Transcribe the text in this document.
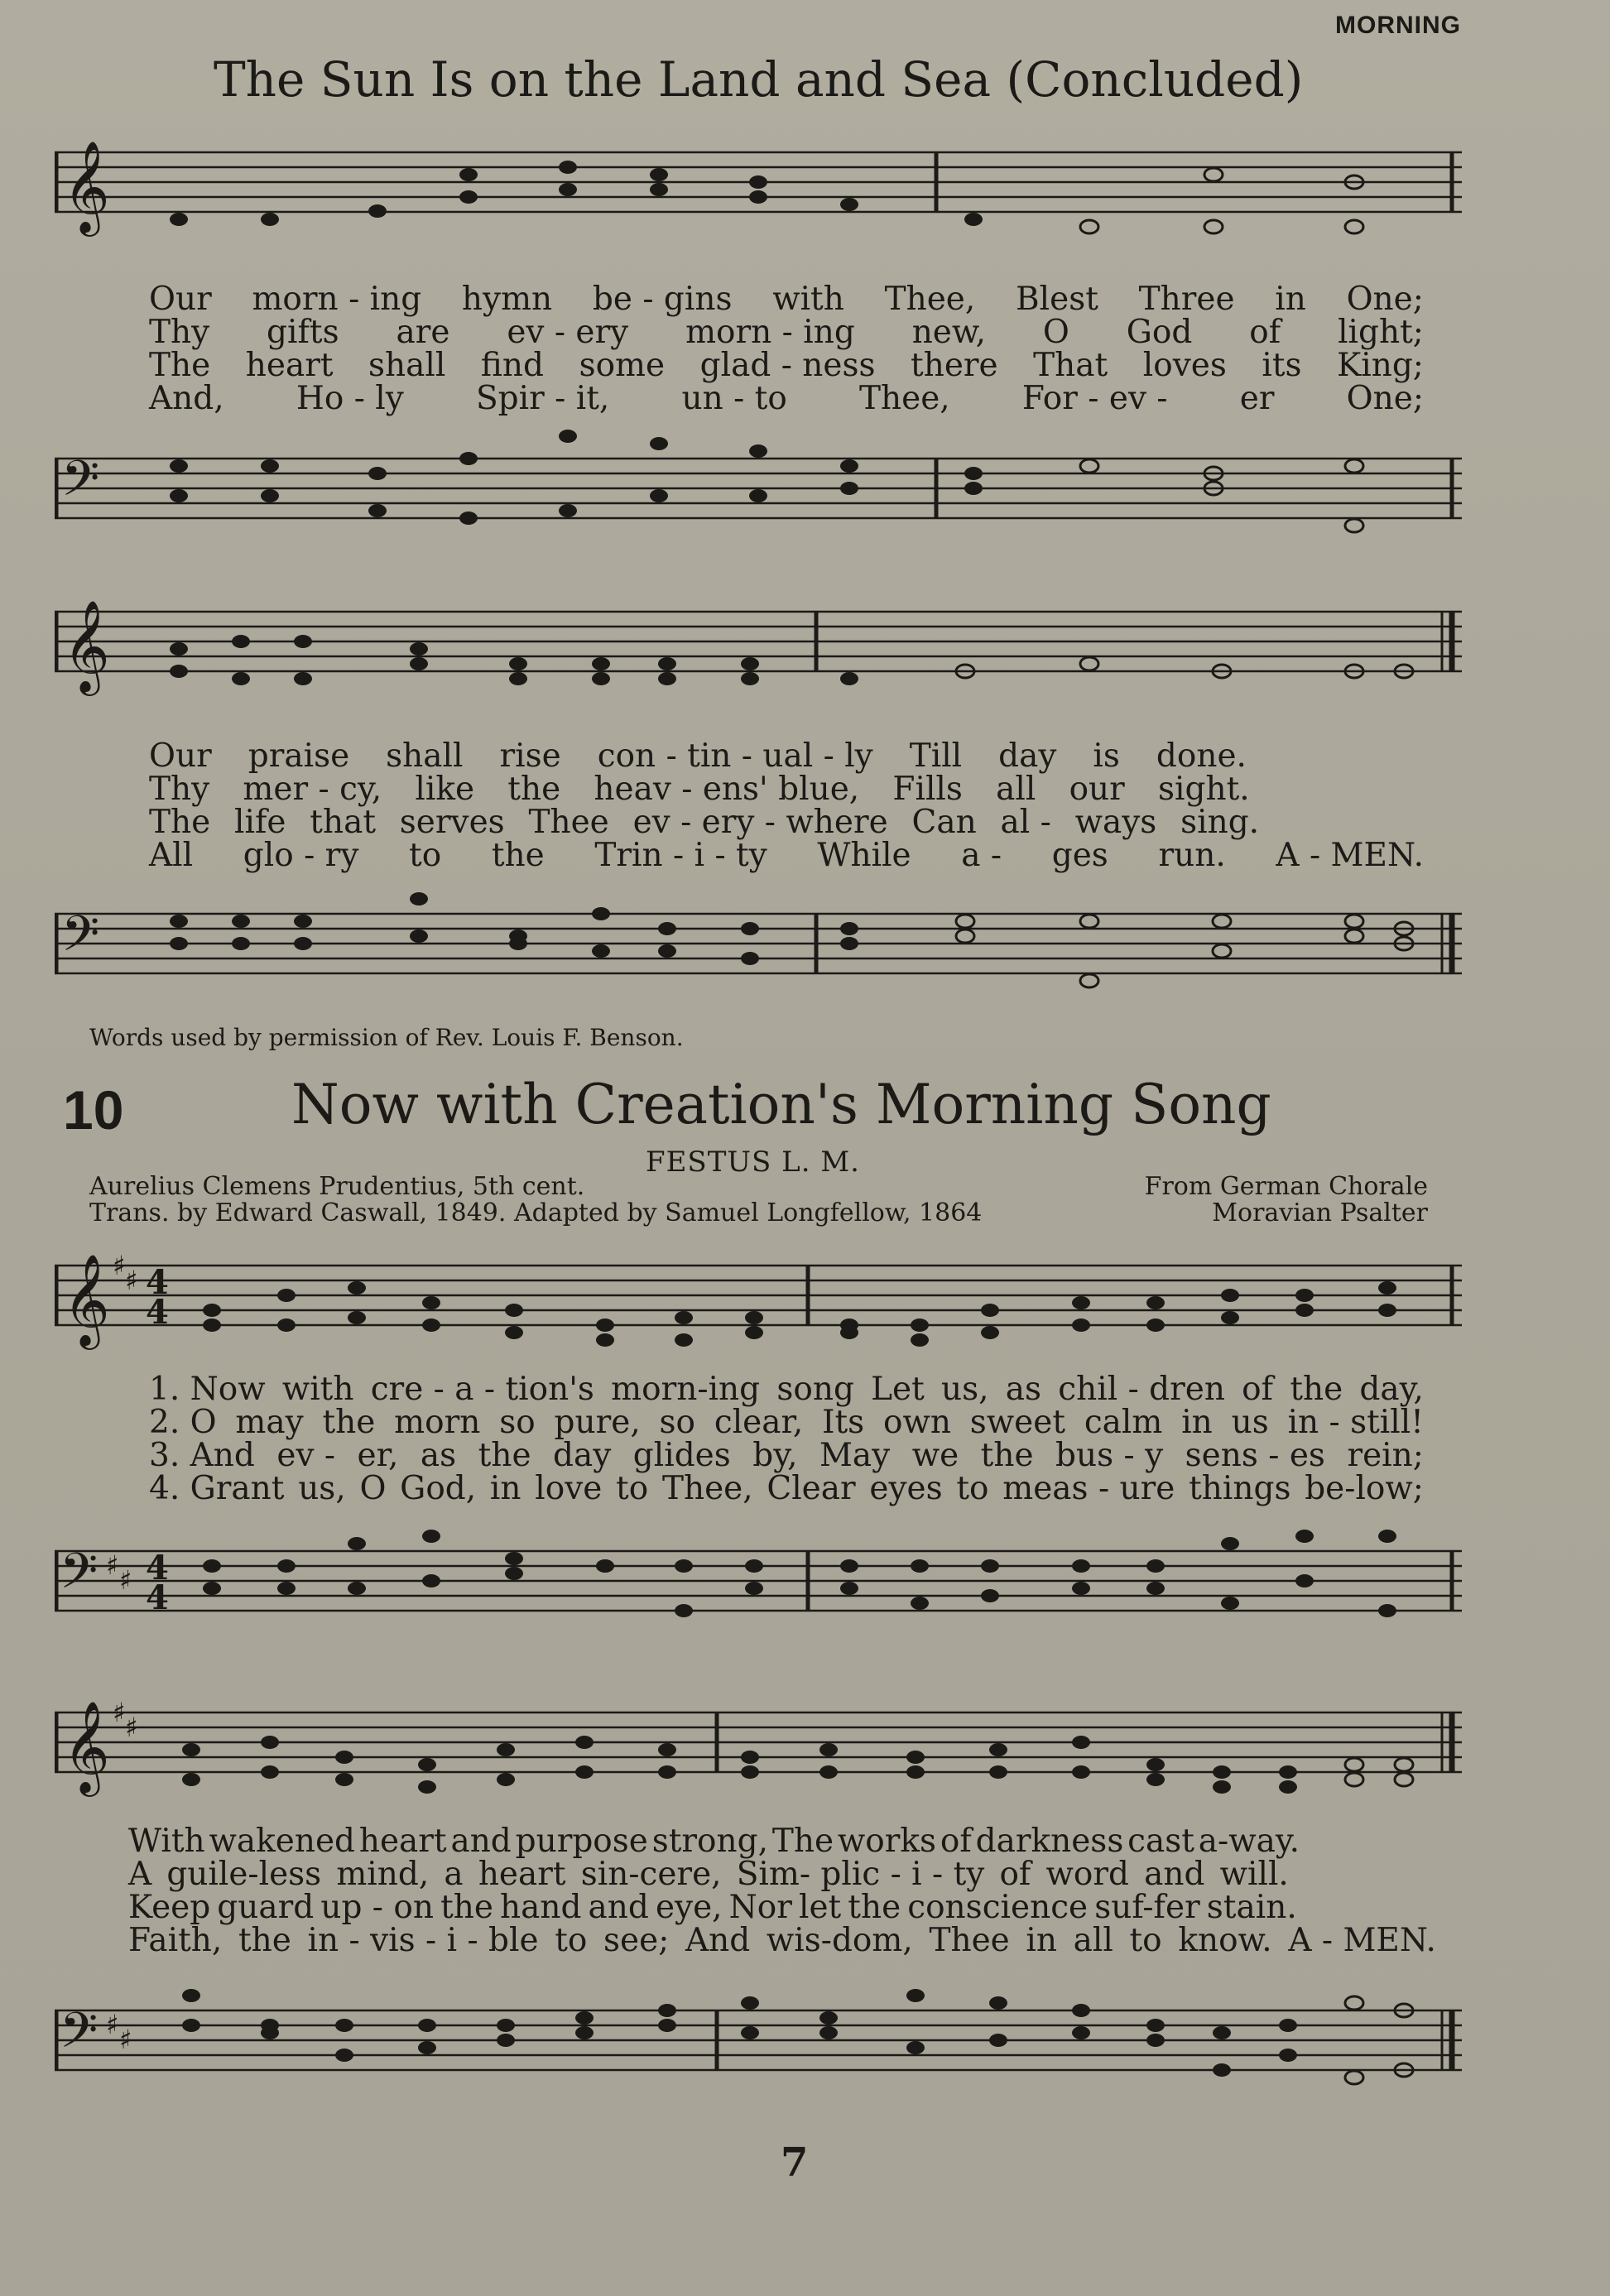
MORNING
The Sun Is on the Land and Sea (Concluded)
𝄞
Our morn - ing hymn be - gins with Thee, Blest Three in One;
Thy gifts are ev - ery morn - ing new, O God of light;
The heart shall find some glad - ness there That loves its King;
And, Ho - ly Spir - it, un - to Thee, For - ev - er One;
𝄢
𝄞
Our praise shall rise con - tin - ual - ly Till day is done.
Thy mer - cy, like the heav - ens' blue, Fills all our sight.
The life that serves Thee ev - ery - where Can al - ways sing.
All glo - ry to the Trin - i - ty While a - ges run. A - MEN.
𝄢
Words used by permission of Rev. Louis F. Benson.
10	Now with Creation's Morning Song
FESTUS L. M.
Aurelius Clemens Prudentius, 5th cent.
Trans. by Edward Caswall, 1849. Adapted by Samuel Longfellow, 1864
From German Chorale
Moravian Psalter
𝄞 ♯ ♯ 4
4
1. Now with cre - a - tion's morn-ing song Let us, as chil - dren of the day,
2. O may the morn so pure, so clear, Its own sweet calm in us in - still!
3. And ev - er, as the day glides by, May we the bus - y sens - es rein;
4. Grant us, O God, in love to Thee, Clear eyes to meas - ure things be-low;
𝄢 ♯ ♯ 4
4
𝄞 ♯ ♯
With wakened heart and purpose strong, The works of darkness cast a-way.
A guile-less mind, a heart sin-cere, Sim- plic - i - ty of word and will.
Keep guard up - on the hand and eye, Nor let the conscience suf-fer stain.
Faith, the in - vis - i - ble to see; And wis-dom, Thee in all to know. A - MEN.
𝄢 ♯ ♯
7
